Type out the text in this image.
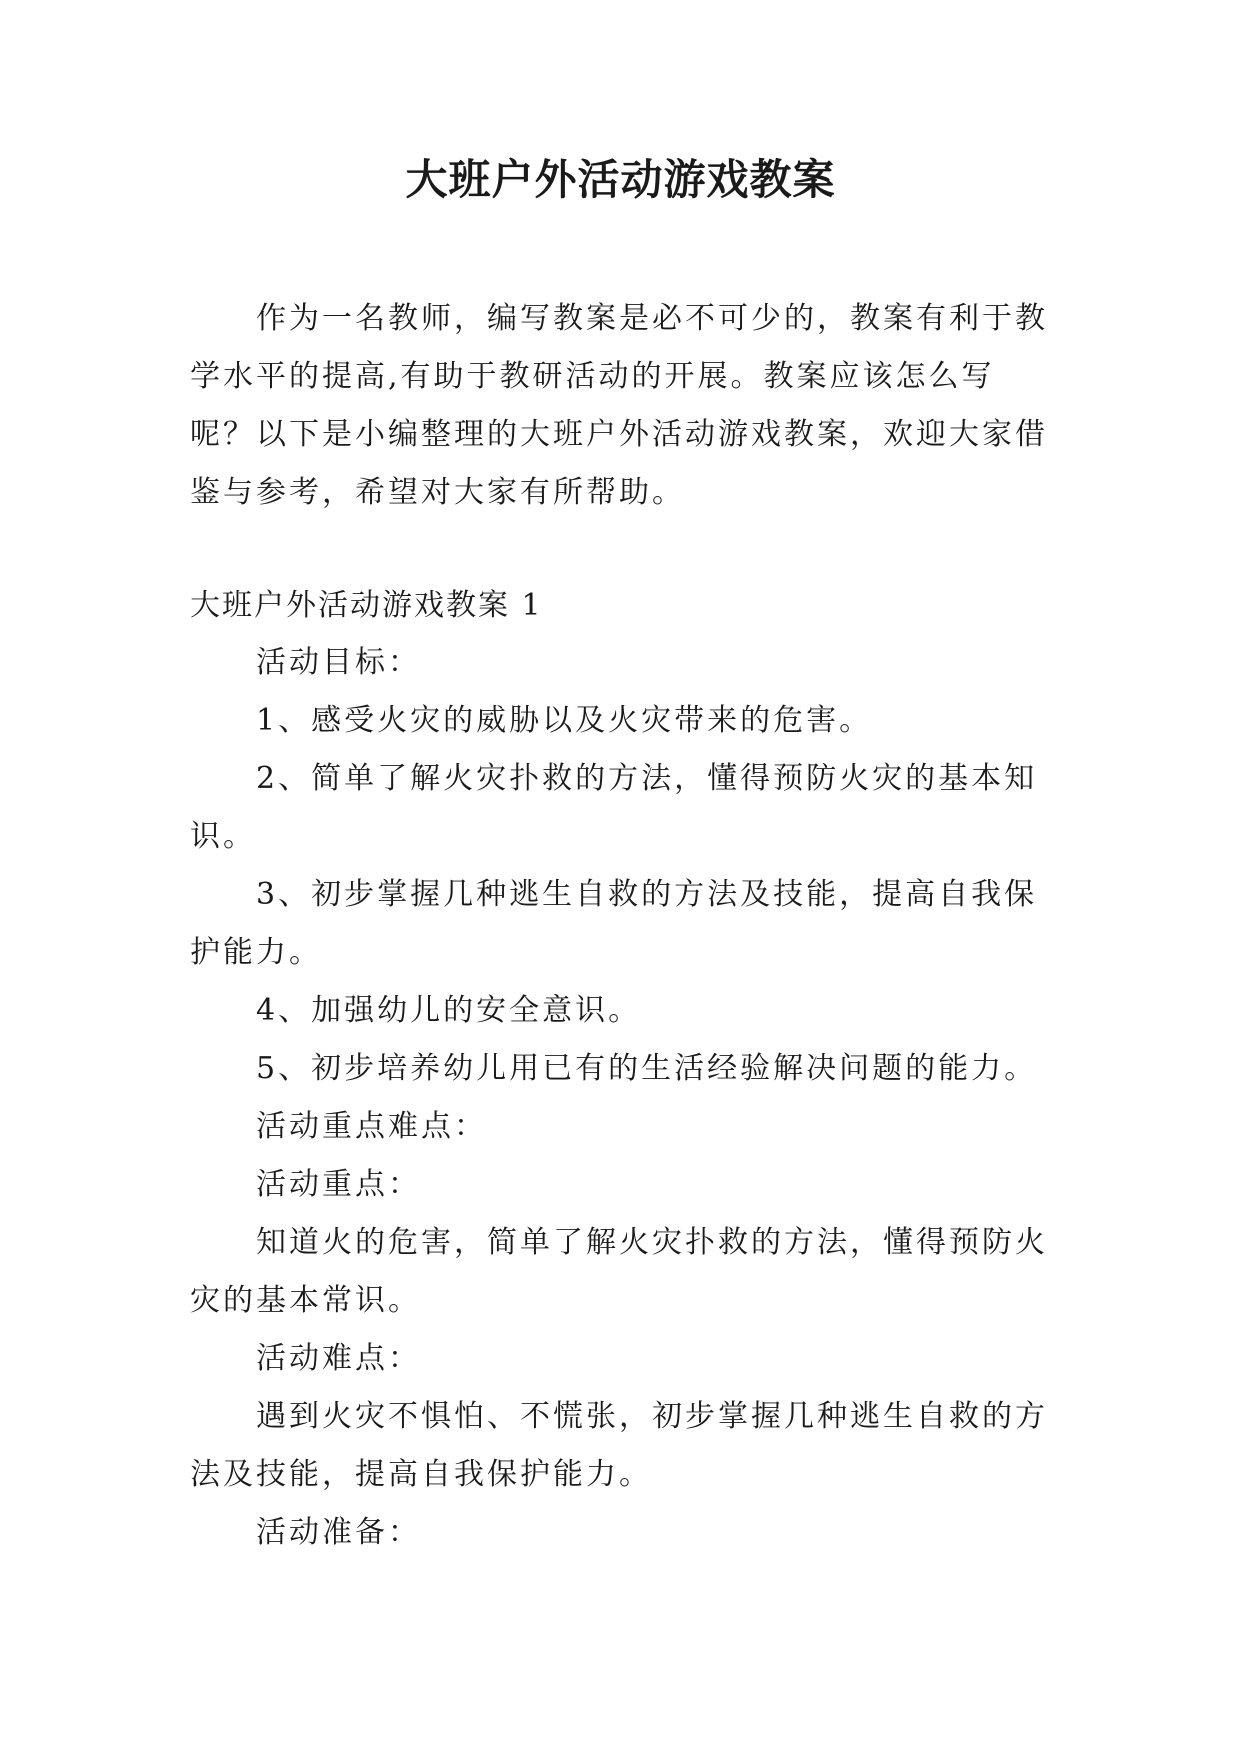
大班户外活动游戏教案

作为一名教师，编写教案是必不可少的，教案有利于教学水平的提高,有助于教研活动的开展。教案应该怎么写呢？以下是小编整理的大班户外活动游戏教案，欢迎大家借鉴与参考，希望对大家有所帮助。

大班户外活动游戏教案 1

活动目标：

1、感受火灾的威胁以及火灾带来的危害。

2、简单了解火灾扑救的方法，懂得预防火灾的基本知识。

3、初步掌握几种逃生自救的方法及技能，提高自我保护能力。

4、加强幼儿的安全意识。

5、初步培养幼儿用已有的生活经验解决问题的能力。

活动重点难点：

活动重点：

知道火的危害，简单了解火灾扑救的方法，懂得预防火灾的基本常识。

活动难点：

遇到火灾不惧怕、不慌张，初步掌握几种逃生自救的方法及技能，提高自我保护能力。

活动准备：
